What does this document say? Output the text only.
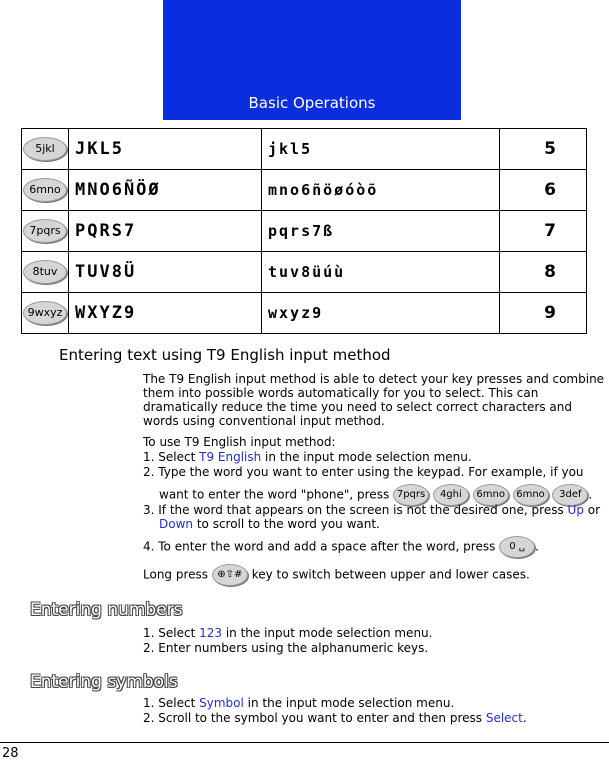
Basic Operations
5jkl	JKL5	jkl5	5
6mno	MNO6ÑÖØ	mno6ñöøóòõ	6
7pqrs	PQRS7	pqrs7ß	7
8tuv	TUV8Ü	tuv8üúù	8
9wxyz	WXYZ9	wxyz9	9
Entering text using T9 English input method
The T9 English input method is able to detect your key presses and combine them into possible words automatically for you to select. This can dramatically reduce the time you need to select correct characters and words using conventional input method.
To use T9 English input method:
1. Select T9 English in the input mode selection menu.
2. Type the word you want to enter using the keypad. For example, if you
want to enter the word "phone", press 7pqrs 4ghi 6mno 6mno 3def .
3. If the word that appears on the screen is not the desired one, press Up or
Down to scroll to the word you want.
4. To enter the word and add a space after the word, press 0 ␣ .
Long press ⊕⇧# key to switch between upper and lower cases.
Entering numbers
1. Select 123 in the input mode selection menu.
2. Enter numbers using the alphanumeric keys.
Entering symbols
1. Select Symbol in the input mode selection menu.
2. Scroll to the symbol you want to enter and then press Select.
28
